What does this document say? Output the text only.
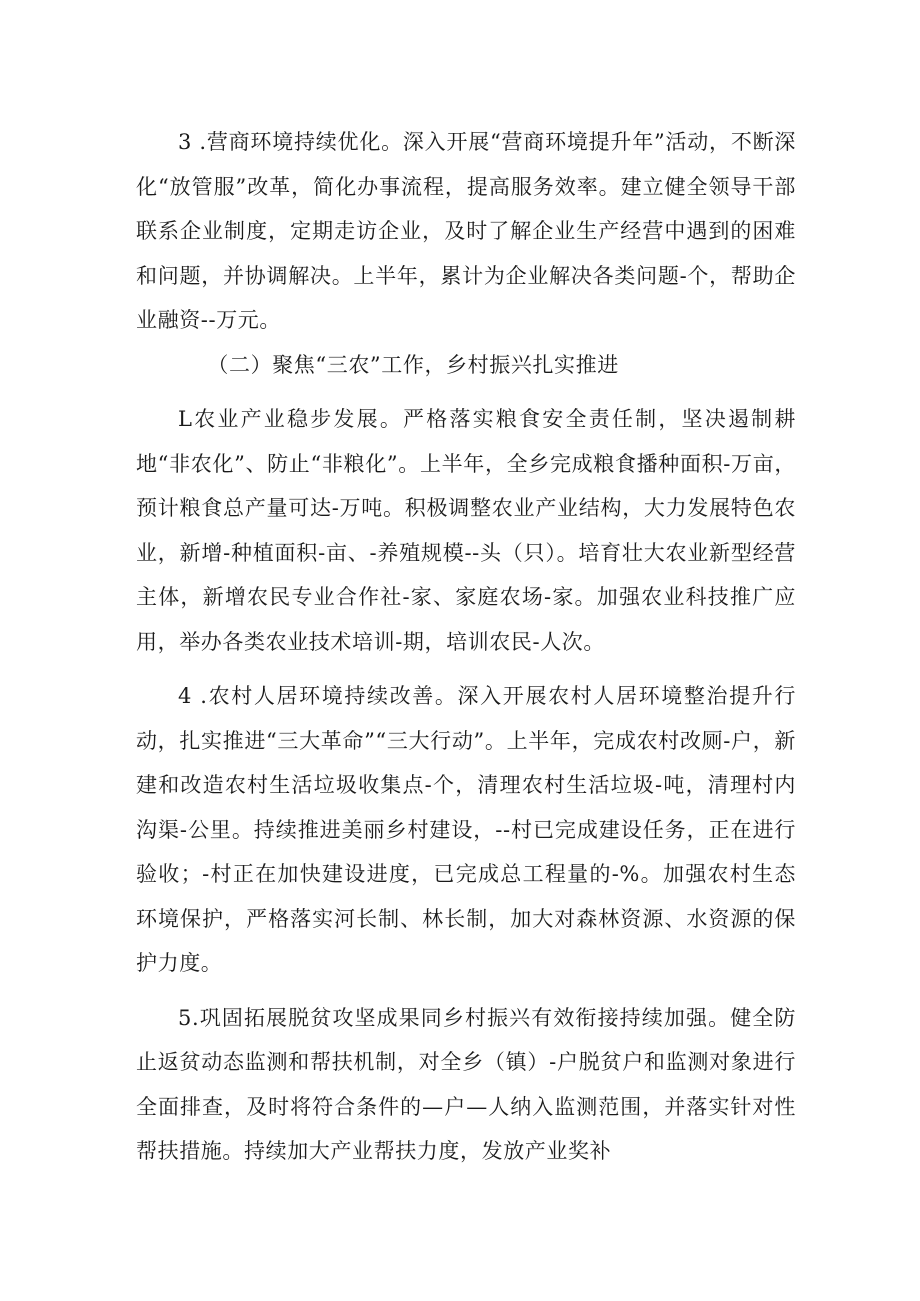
3 .营商环境持续优化。深入开展“营商环境提升年”活动，不断深化“放管服”改革，简化办事流程，提高服务效率。建立健全领导干部联系企业制度，定期走访企业，及时了解企业生产经营中遇到的困难和问题，并协调解决。上半年，累计为企业解决各类问题-个，帮助企业融资--万元。

（二）聚焦“三农”工作，乡村振兴扎实推进

L农业产业稳步发展。严格落实粮食安全责任制，坚决遏制耕地“非农化”、防止“非粮化”。上半年，全乡完成粮食播种面积-万亩，预计粮食总产量可达-万吨。积极调整农业产业结构，大力发展特色农业，新增-种植面积-亩、-养殖规模--头（只）。培育壮大农业新型经营主体，新增农民专业合作社-家、家庭农场-家。加强农业科技推广应用，举办各类农业技术培训-期，培训农民-人次。

4 .农村人居环境持续改善。深入开展农村人居环境整治提升行动，扎实推进“三大革命”“三大行动”。上半年，完成农村改厕-户，新建和改造农村生活垃圾收集点-个，清理农村生活垃圾-吨，清理村内沟渠-公里。持续推进美丽乡村建设，--村已完成建设任务，正在进行验收；-村正在加快建设进度，已完成总工程量的-%。加强农村生态环境保护，严格落实河长制、林长制，加大对森林资源、水资源的保护力度。

5.巩固拓展脱贫攻坚成果同乡村振兴有效衔接持续加强。健全防止返贫动态监测和帮扶机制，对全乡（镇）-户脱贫户和监测对象进行全面排查，及时将符合条件的—户—人纳入监测范围，并落实针对性帮扶措施。持续加大产业帮扶力度，发放产业奖补
